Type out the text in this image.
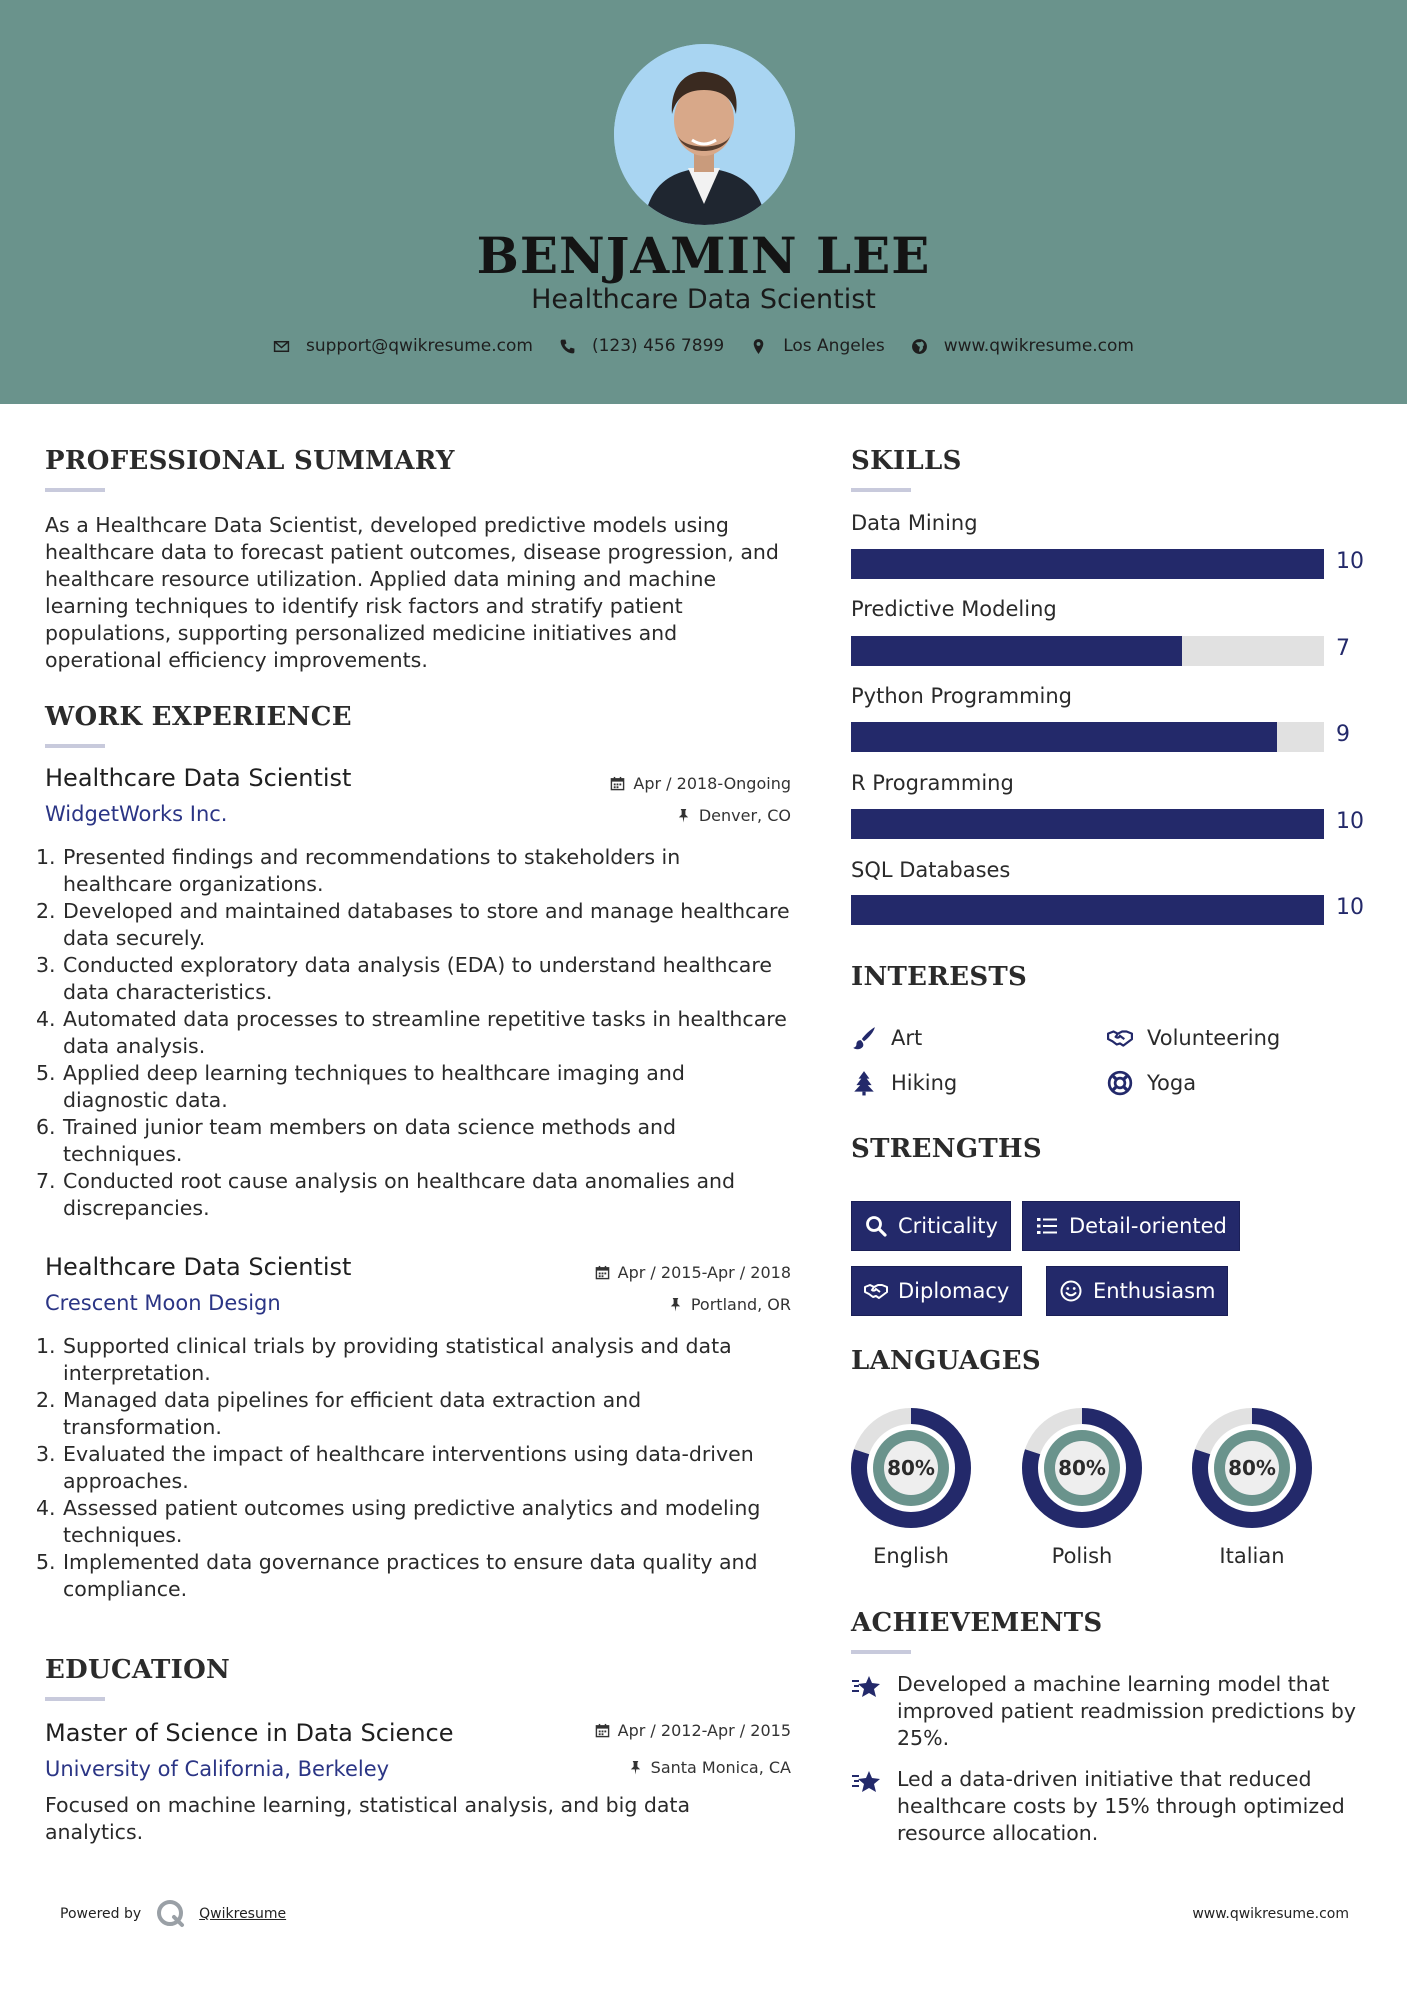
BENJAMIN LEE
Healthcare Data Scientist
support@qwikresume.com	(123) 456 7899	Los Angeles	www.qwikresume.com
PROFESSIONAL SUMMARY
As a Healthcare Data Scientist, developed predictive models using healthcare data to forecast patient outcomes, disease progression, and healthcare resource utilization. Applied data mining and machine learning techniques to identify risk factors and stratify patient populations, supporting personalized medicine initiatives and operational efficiency improvements.
WORK EXPERIENCE
Healthcare Data Scientist	Apr / 2018-Ongoing
WidgetWorks Inc.	Denver, CO
1. Presented findings and recommendations to stakeholders in healthcare organizations.
2. Developed and maintained databases to store and manage healthcare data securely.
3. Conducted exploratory data analysis (EDA) to understand healthcare data characteristics.
4. Automated data processes to streamline repetitive tasks in healthcare data analysis.
5. Applied deep learning techniques to healthcare imaging and diagnostic data.
6. Trained junior team members on data science methods and techniques.
7. Conducted root cause analysis on healthcare data anomalies and discrepancies.
Healthcare Data Scientist	Apr / 2015-Apr / 2018
Crescent Moon Design	Portland, OR
1. Supported clinical trials by providing statistical analysis and data interpretation.
2. Managed data pipelines for efficient data extraction and transformation.
3. Evaluated the impact of healthcare interventions using data-driven approaches.
4. Assessed patient outcomes using predictive analytics and modeling techniques.
5. Implemented data governance practices to ensure data quality and compliance.
EDUCATION
Master of Science in Data Science	Apr / 2012-Apr / 2015
University of California, Berkeley	Santa Monica, CA
Focused on machine learning, statistical analysis, and big data analytics.
SKILLS
Data Mining
10
Predictive Modeling
7
Python Programming
9
R Programming
10
SQL Databases
10
INTERESTS
Art	Volunteering
Hiking	Yoga
STRENGTHS
Criticality	Detail-oriented
Diplomacy	Enthusiasm
LANGUAGES
80%
English
80%
Polish
80%
Italian
ACHIEVEMENTS
Developed a machine learning model that improved patient readmission predictions by 25%.
Led a data-driven initiative that reduced healthcare costs by 15% through optimized resource allocation.
Powered by	Qwikresume	www.qwikresume.com
